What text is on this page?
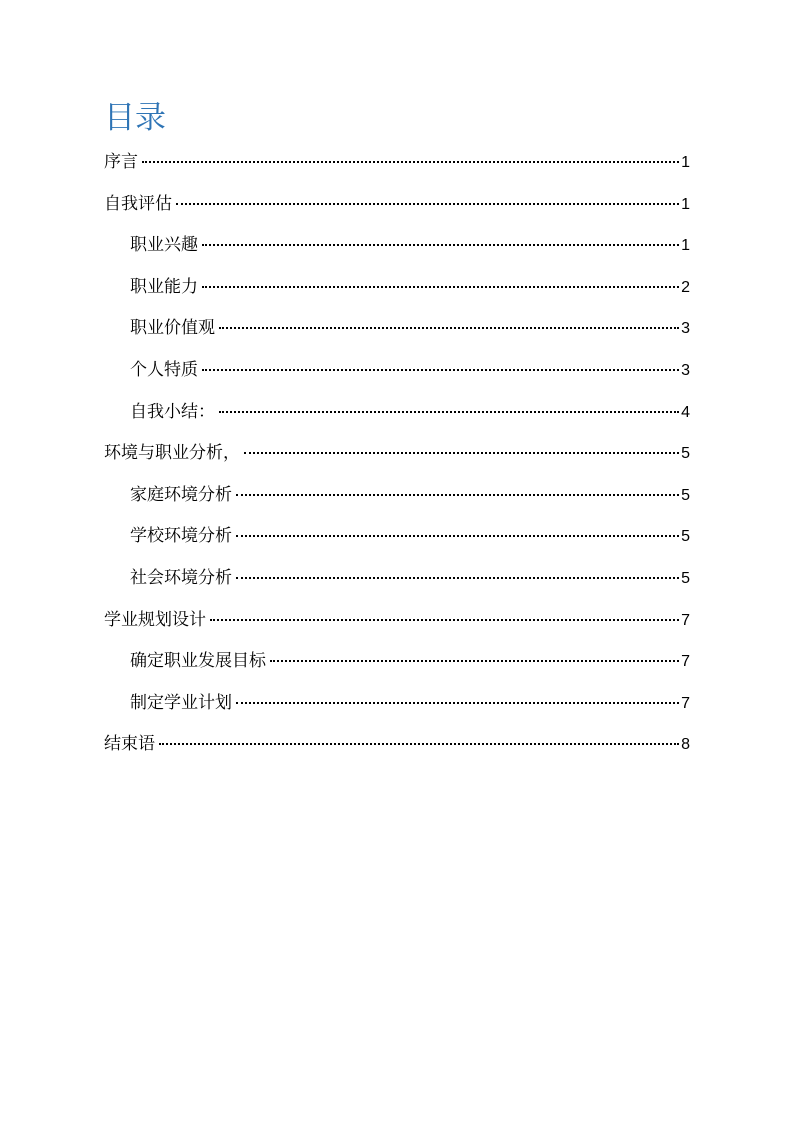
目录
序言	1
自我评估	1
职业兴趣	1
职业能力	2
职业价值观	3
个人特质	3
自我小结：	4
环境与职业分析，	5
家庭环境分析	5
学校环境分析	5
社会环境分析	5
学业规划设计	7
确定职业发展目标	7
制定学业计划	7
结束语	8
